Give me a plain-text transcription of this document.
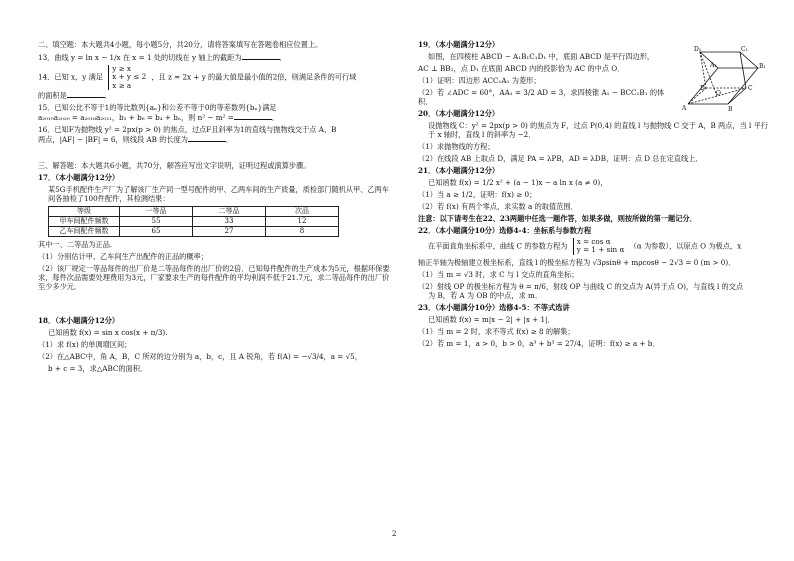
二、填空题：本大题共4小题，每小题5分，共20分，请将答案填写在答题卷相应位置上。

13．曲线 y = ln x − 1/x 在 x = 1 处的切线在 y 轴上的截距为	．

14．已知 x，y 满足 y ≥ x
x + y ≤ 2
x ≥ a ，且 z = 2x + y 的最大值是最小值的2倍，则满足条件的可行域
的面积是	．

15．已知公比不等于1的等比数列{aₙ}和公差不等于0的等差数列{bₙ}满足
a₂₀₁₉a₂₀₂₀ = a₂₀₁₈a₂₀₂₁，b₃ + b₆ = b₄ + bₙ，则 n² − m² =	．

16．已知F为抛物线 y² = 2px(p > 0) 的焦点，过点F且斜率为1的直线与抛物线交于点 A，B
两点，|AF| − |BF| = 6，则线段 AB 的长度为	．

三、解答题：本大题共6小题，共70分，解答应写出文字说明，证明过程或演算步骤。

17．（本小题满分12分）

某5G手机配件生产厂为了解该厂生产同一型号配件的甲、乙两车间的生产质量，质检部门随机从甲、乙两车间各抽检了100件配件，其检测结果：

等级	一等品	二等品	次品
甲车间配件频数	55	33	12
乙车间配件频数	65	27	8

其中一、二等品为正品.

（1）分别估计甲、乙车间生产出配件的正品的概率；

（2）该厂规定一等品每件的出厂价是二等品每件的出厂价的2倍．已知每件配件的生产成本为5元，根据环保要求，每件次品需要处理费用为3元，厂家要求生产的每件配件的平均利润不低于21.7元，求二等品每件的出厂价至少多少元．

18．（本小题满分12分）

已知函数 f(x) = sin x cos(x + π/3).

（1）求 f(x) 的单调增区间；

（2）在△ABC中，角 A，B，C 所对的边分别为 a，b，c，且 A 锐角，若 f(A) = −√3/4，a = √5，

b + c = 3，求△ABC的面积．

19．（本小题满分12分）

如图，在四棱柱 ABCD − A₁B₁C₁D₁ 中，底面 ABCD 是平行四边形，

AC ⊥ BB₁，点 D₁ 在底面 ABCD 内的投影恰为 AC 的中点 O．

（1）证明：四边形 ACC₁A₁ 为菱形；

（2）若 ∠ADC = 60°，AA₁ = 3/2 AD = 3，求四棱锥 A₁ − BCC₁B₁ 的体积．

20．（本小题满分12分）

设抛物线 C：y² = 2px(p > 0) 的焦点为 F，过点 P(0,4) 的直线 l 与抛物线 C 交于 A，B 两点，当 l 平行于 x 轴时，直线 l 的斜率为 −2．

（1）求抛物线的方程；

（2）在线段 AB 上取点 D，满足 PA = λPB，AD = λDB，证明：点 D 总在定直线上．

21．（本小题满分12分）

已知函数 f(x) = 1/2 x² + (a − 1)x − a ln x (a ≠ 0)，

（1）当 a ≥ 1/2，证明：f(x) ≥ 0；

（2）若 f(x) 有两个零点，求实数 a 的取值范围．

注意：以下请考生在22、23两题中任选一题作答，如果多做，则按所做的第一题记分．

22．（本小题满分10分）选修4-4：坐标系与参数方程

在平面直角坐标系中，曲线 C 的参数方程为 x = cos α
y = 1 + sin α （α 为参数），以原点 O 为极点，x

轴正半轴为极轴建立极坐标系，直线 l 的极坐标方程为 √3ρsinθ + mρcosθ − 2√3 = 0 (m > 0)．

（1）当 m = √3 时，求 C 与 l 交点的直角坐标；

（2）射线 OP 的极坐标方程为 θ = π/6，射线 OP 与曲线 C 的交点为 A(异于点 O)，与直线 l 的交点
为 B，若 A 为 OB 的中点，求 m．

23．（本小题满分10分）选修4-5：不等式选讲

已知函数 f(x) = m|x − 2| + |x + 1|．

（1）当 m = 2 时，求不等式 f(x) ≥ 8 的解集；

（2）若 m = 1，a > 0，b > 0，a³ + b³ = 27/4，证明：f(x) ≥ a + b．

D₁	C₁
A₁	B₁
D	C
O
A	B
2
